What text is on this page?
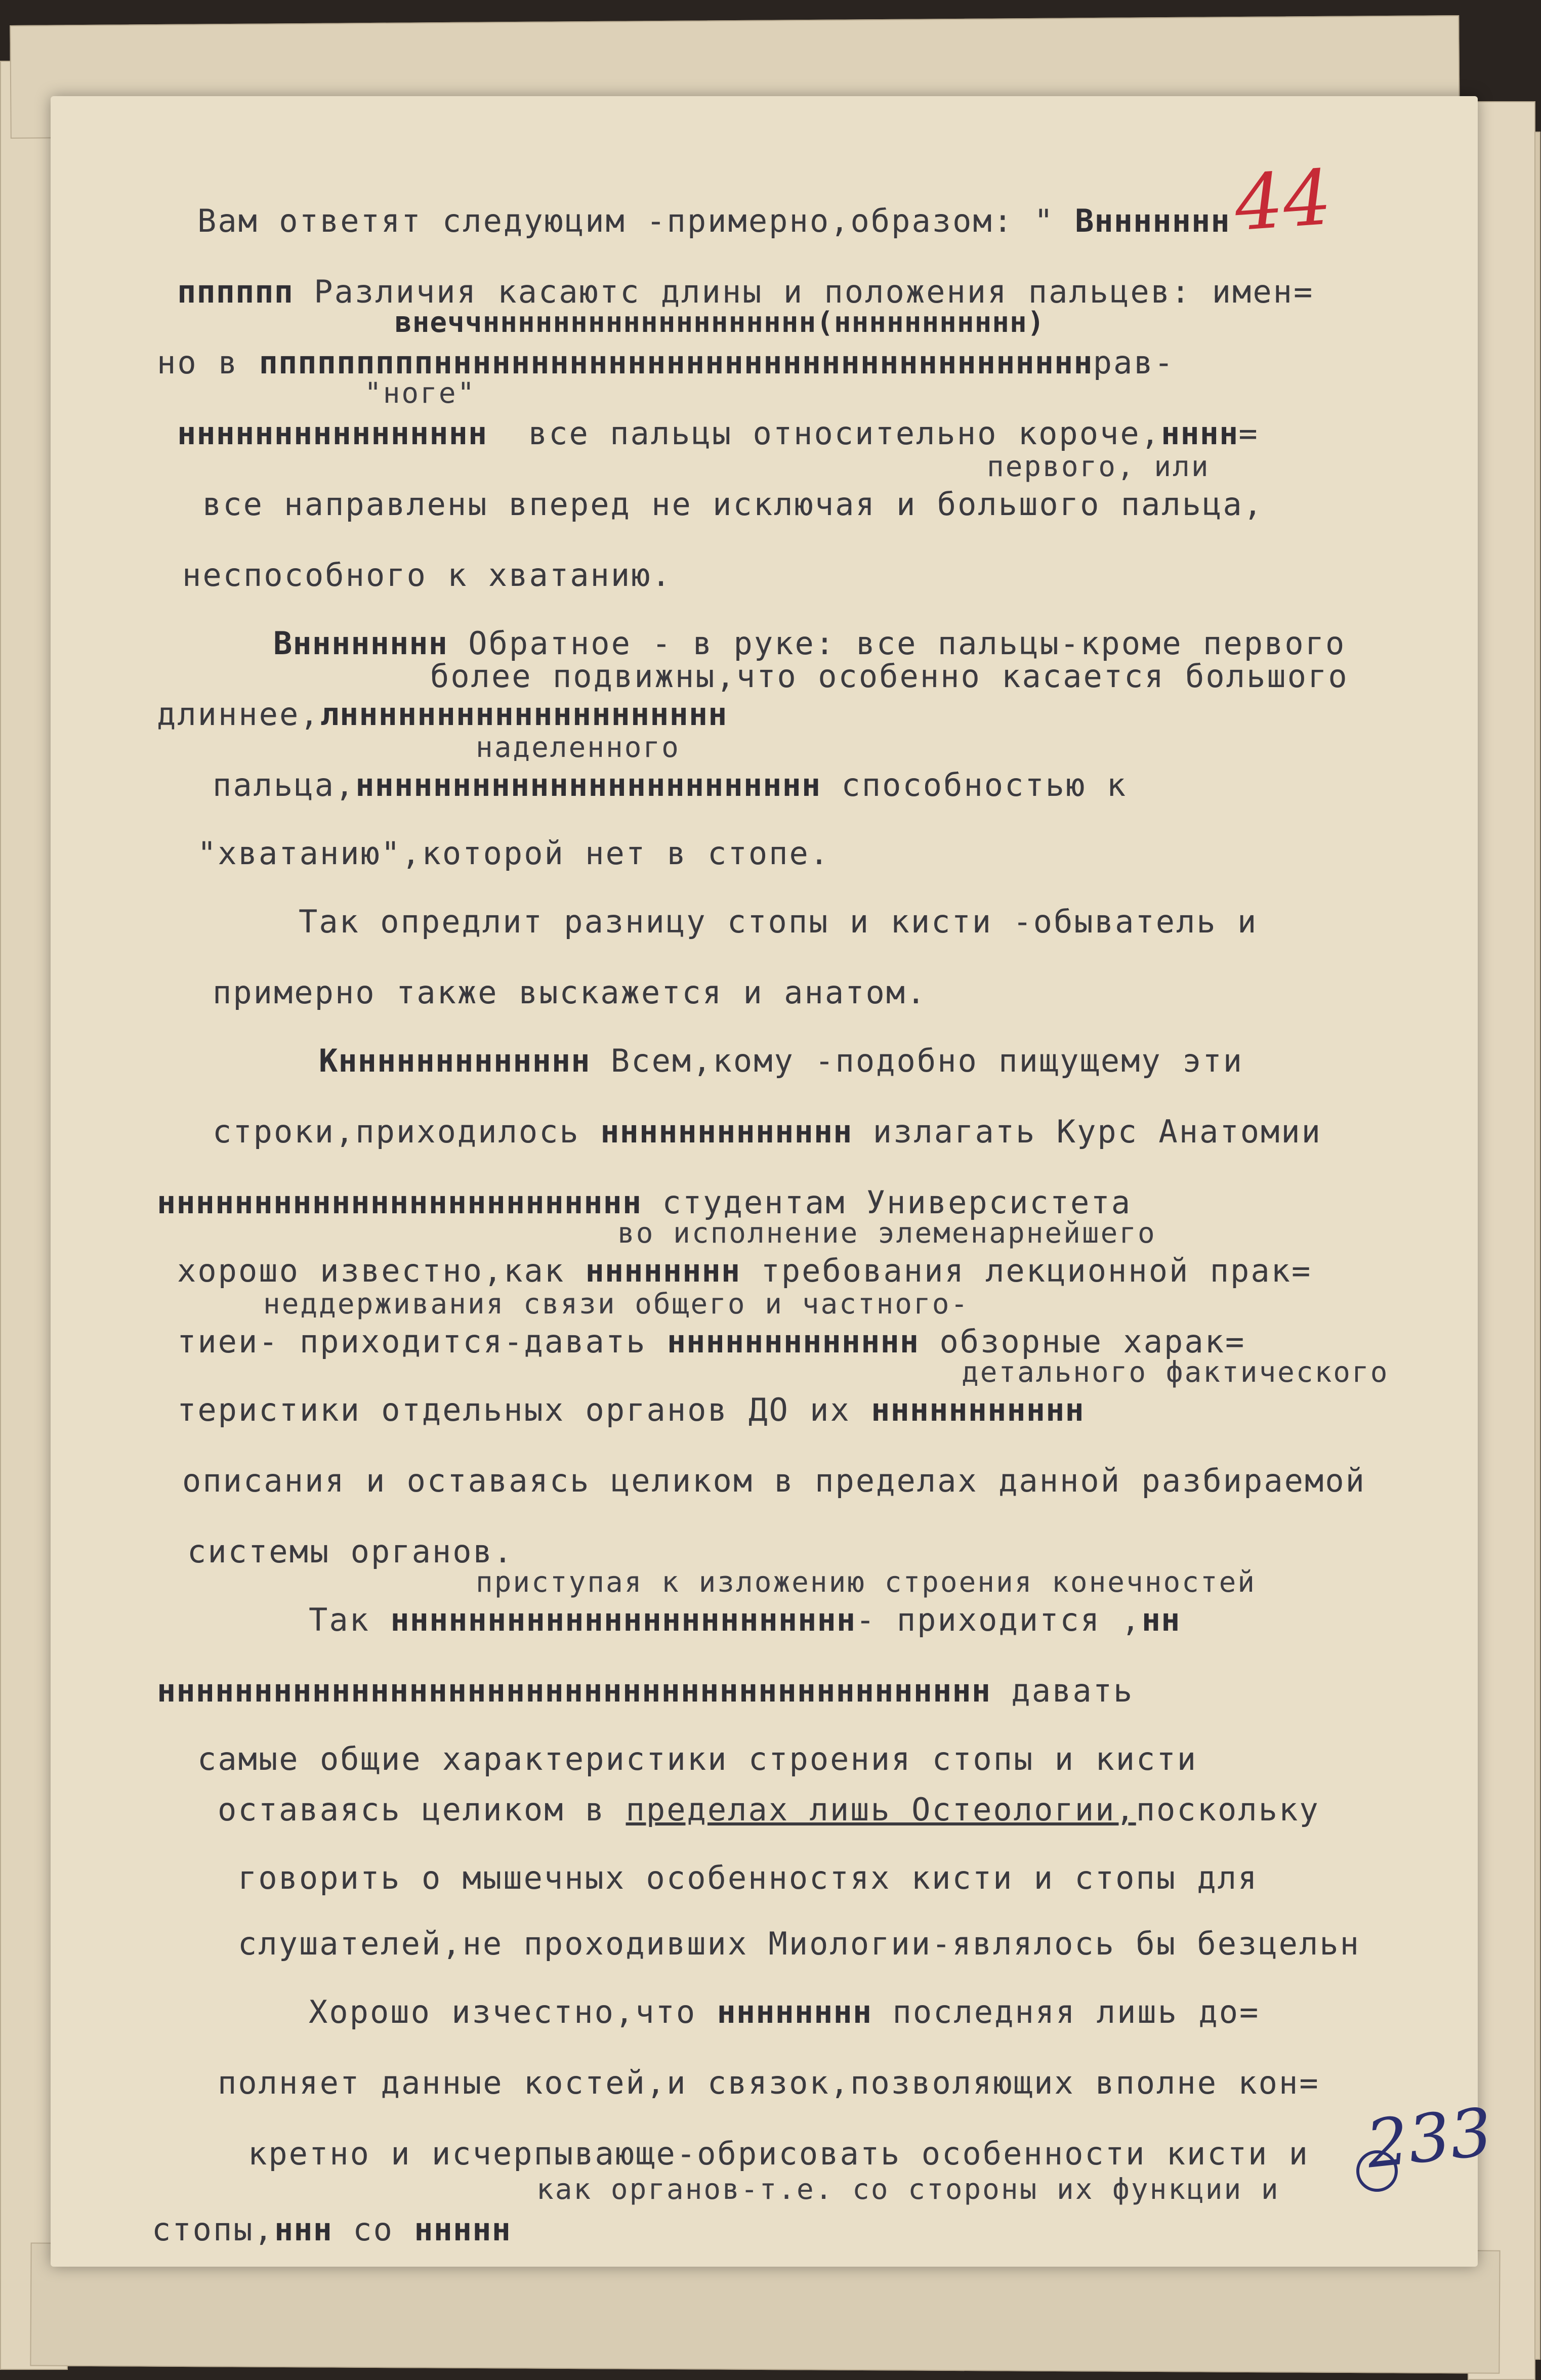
44
233
Вам ответят следуюцим -примерно,образом: " Вннннннн
пппппп Различия касаютс длины и положения пальцев: имен=
внеччннннннннннннннннннн(ннннннннннн)
но в пппппппппннннннннннннннннннннннннннннннннннрав-
"ноге"
нннннннннннннннн  все пальцы относительно короче,нннн=
первого, или
все направлены вперед не исключая и большого пальца,
неспособного к хватанию.
Внннннннн Обратное - в руке: все пальцы-кроме первого
более подвижны,что особенно касается большого
длиннее,лнннннннннннннннннннн
наделенного
пальца,нннннннннннннннннннннннн способностью к
"хватанию",которой нет в стопе.
Так опредлит разницу стопы и кисти -обыватель и
примерно также выскажется и анатом.
Кннннннннннннн Всем,кому -подобно пищущему эти
строки,приходилось ннннннннннннн излагать Курс Анатомии
ннннннннннннннннннннннннн студентам Универсистета
во исполнение элеменарнейшего
хорошо известно,как нннннннн требования лекционной прак=
неддерживания связи общего и частного-
тиеи- приходится-давать ннннннннннннн обзорные харак=
детального фактического
теристики отдельных органов ДО их ннннннннннн
описания и оставаясь целиком в пределах данной разбираемой
системы органов.
приступая к изложению строения конечностей
Так нннннннннннннннннннннннн- приходится ,нн
ннннннннннннннннннннннннннннннннннннннннннн давать
самые общие характеристики строения стопы и кисти
оставаясь целиком в пределах лишь Остеологии,поскольку
говорить о мышечных особенностях кисти и стопы для
слушателей,не проходивших Миологии-являлось бы безцельн
Хорошо изчестно,что нннннннн последняя лишь до=
полняет данные костей,и связок,позволяющих вполне кон=
кретно и исчерпывающе-обрисовать особенности кисти и
как органов-т.е. со стороны их функции и
стопы,ннн со ннннн
